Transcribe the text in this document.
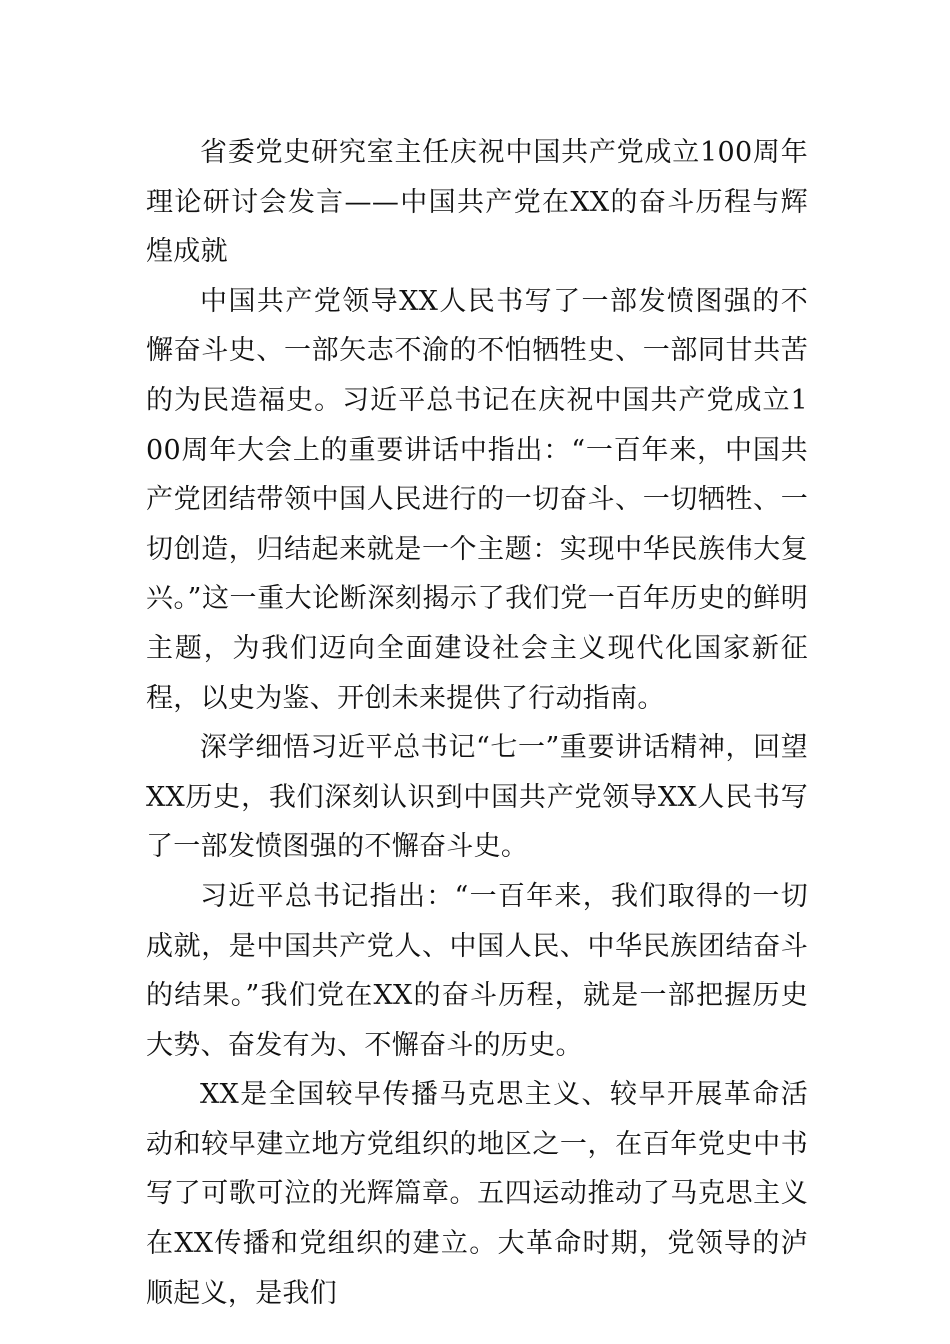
省委党史研究室主任庆祝中国共产党成立100周年理论研讨会发言——中国共产党在XX的奋斗历程与辉煌成就

中国共产党领导XX人民书写了一部发愤图强的不懈奋斗史、一部矢志不渝的不怕牺牲史、一部同甘共苦的为民造福史。习近平总书记在庆祝中国共产党成立100周年大会上的重要讲话中指出：“一百年来，中国共产党团结带领中国人民进行的一切奋斗、一切牺牲、一切创造，归结起来就是一个主题：实现中华民族伟大复兴。”这一重大论断深刻揭示了我们党一百年历史的鲜明主题，为我们迈向全面建设社会主义现代化国家新征程，以史为鉴、开创未来提供了行动指南。

深学细悟习近平总书记“七一”重要讲话精神，回望XX历史，我们深刻认识到中国共产党领导XX人民书写了一部发愤图强的不懈奋斗史。

习近平总书记指出：“一百年来，我们取得的一切成就，是中国共产党人、中国人民、中华民族团结奋斗的结果。”我们党在XX的奋斗历程，就是一部把握历史大势、奋发有为、不懈奋斗的历史。

XX是全国较早传播马克思主义、较早开展革命活动和较早建立地方党组织的地区之一，在百年党史中书写了可歌可泣的光辉篇章。五四运动推动了马克思主义在XX传播和党组织的建立。大革命时期，党领导的泸顺起义，是我们
